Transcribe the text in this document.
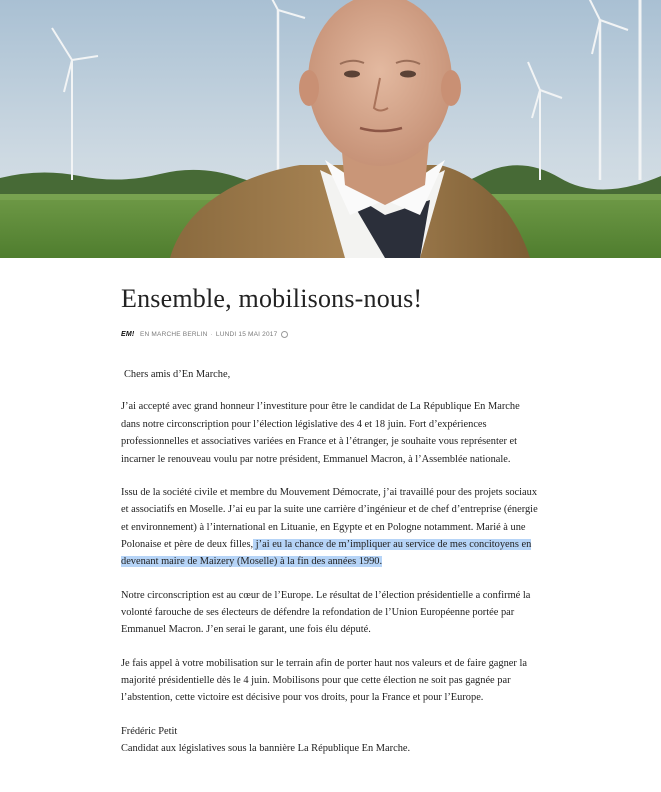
Ensemble, mobilisons-nous!
EM! EN MARCHE BERLIN · LUNDI 15 MAI 2017

Chers amis d’En Marche,

J’ai accepté avec grand honneur l’investiture pour être le candidat de La République En Marche dans notre circonscription pour l’élection législative des 4 et 18 juin. Fort d’expériences professionnelles et associatives variées en France et à l’étranger, je souhaite vous représenter et incarner le renouveau voulu par notre président, Emmanuel Macron, à l’Assemblée nationale.

Issu de la société civile et membre du Mouvement Démocrate, j’ai travaillé pour des projets sociaux et associatifs en Moselle. J’ai eu par la suite une carrière d’ingénieur et de chef d’entreprise (énergie et environnement) à l’international en Lituanie, en Egypte et en Pologne notamment. Marié à une Polonaise et père de deux filles, j’ai eu la chance de m’impliquer au service de mes concitoyens en devenant maire de Maizery (Moselle) à la fin des années 1990.

Notre circonscription est au cœur de l’Europe. Le résultat de l’élection présidentielle a confirmé la volonté farouche de ses électeurs de défendre la refondation de l’Union Européenne portée par Emmanuel Macron. J’en serai le garant, une fois élu député.

Je fais appel à votre mobilisation sur le terrain afin de porter haut nos valeurs et de faire gagner la majorité présidentielle dès le 4 juin. Mobilisons pour que cette élection ne soit pas gagnée par l’abstention, cette victoire est décisive pour vos droits, pour la France et pour l’Europe.

Frédéric Petit
Candidat aux législatives sous la bannière La République En Marche.
